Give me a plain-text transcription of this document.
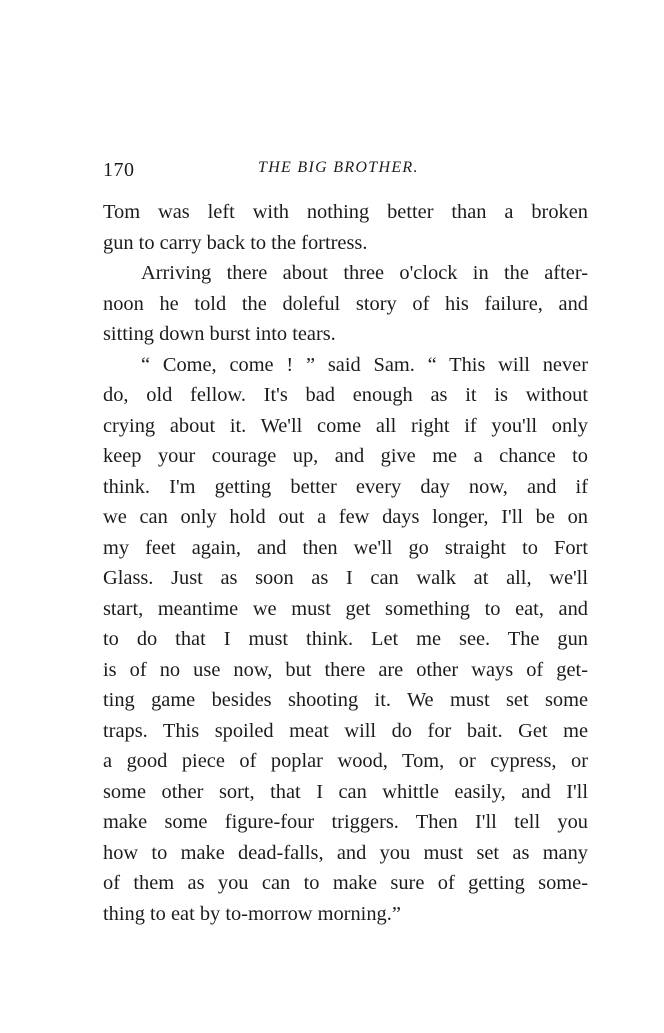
170	THE BIG BROTHER.
Tom was left with nothing better than a broken
gun to carry back to the fortress.
Arriving there about three o'clock in the after-
noon he told the doleful story of his failure, and
sitting down burst into tears.
“ Come, come ! ” said Sam. “ This will never
do, old fellow. It's bad enough as it is without
crying about it. We'll come all right if you'll only
keep your courage up, and give me a chance to
think. I'm getting better every day now, and if
we can only hold out a few days longer, I'll be on
my feet again, and then we'll go straight to Fort
Glass. Just as soon as I can walk at all, we'll
start, meantime we must get something to eat, and
to do that I must think. Let me see. The gun
is of no use now, but there are other ways of get-
ting game besides shooting it. We must set some
traps. This spoiled meat will do for bait. Get me
a good piece of poplar wood, Tom, or cypress, or
some other sort, that I can whittle easily, and I'll
make some figure-four triggers. Then I'll tell you
how to make dead-falls, and you must set as many
of them as you can to make sure of getting some-
thing to eat by to-morrow morning.”
